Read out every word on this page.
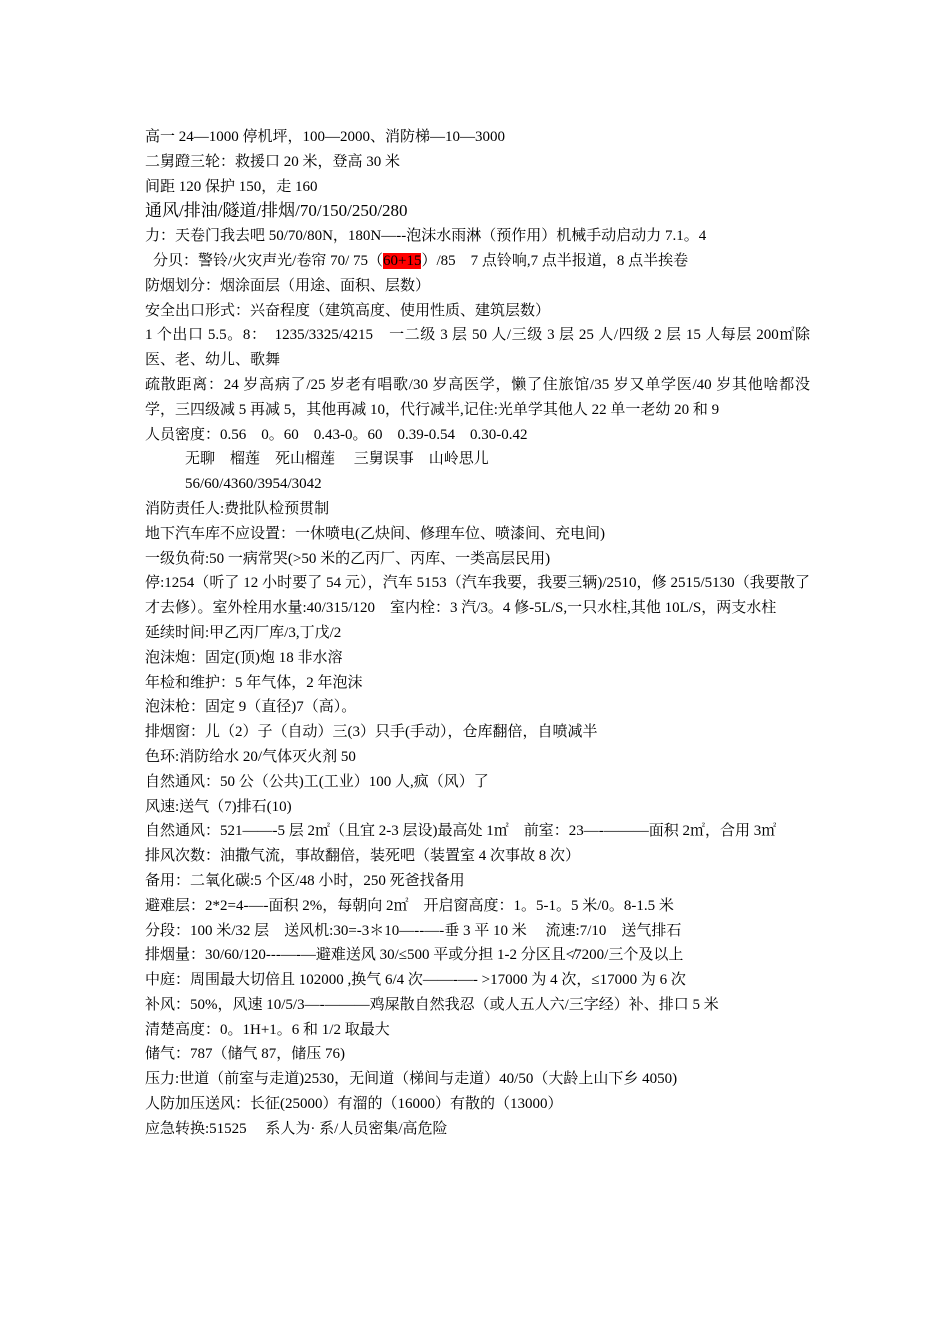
高一 24—1000 停机坪，100—2000、消防梯—10—3000
二舅蹬三轮：救援口 20 米，登高 30 米
间距 120 保护 150，走 160
通风/排油/隧道/排烟/70/150/250/280
力：天卷门我去吧 50/70/80N，180N—--泡沫水雨淋（预作用）机械手动启动力 7.1。4
分贝：警铃/火灾声光/卷帘 70/ 75（60+15）/85　7 点铃响,7 点半报道，8 点半挨卷
防烟划分：烟涂面层（用途、面积、层数）
安全出口形式：兴奋程度（建筑高度、使用性质、建筑层数）
1 个出口 5.5。8：　1235/3325/4215　一二级 3 层 50 人/三级 3 层 25 人/四级 2 层 15 人每层 200㎡除医、老、幼儿、歌舞
疏散距离：24 岁高病了/25 岁老有唱歌/30 岁高医学，懒了住旅馆/35 岁又单学医/40 岁其他啥都没学，三四级减 5 再减 5，其他再减 10，代行减半,记住:光单学其他人 22 单一老幼 20 和 9
人员密度：0.56　0。60　0.43-0。60　0.39-0.54　0.30-0.42
无聊　榴莲　死山榴莲　 三舅误事　山岭思儿
56/60/4360/3954/3042
消防责任人:费批队检预贯制
地下汽车库不应设置：一休喷电(乙炔间、修理车位、喷漆间、充电间)
一级负荷:50 一病常哭(>50 米的乙丙厂、丙库、一类高层民用)
停:1254（听了 12 小时要了 54 元），汽车 5153（汽车我要，我要三辆)/2510，修 2515/5130（我要散了才去修）。室外栓用水量:40/315/120　室内栓：3 汽/3。4 修-5L/S,一只水柱,其他 10L/S，两支水柱
延续时间:甲乙丙厂库/3,丁戊/2
泡沫炮：固定(顶)炮 18 非水溶
年检和维护：5 年气体，2 年泡沫
泡沫枪：固定 9（直径)7（高）。
排烟窗：儿（2）子（自动）三(3）只手(手动），仓库翻倍，自喷减半
色环:消防给水 20/气体灭火剂 50
自然通风：50 公（公共)工(工业）100 人,疯（风）了
风速:送气（7)排石(10)
自然通风：521——-5 层 2㎡（且宜 2-3 层设)最高处 1㎡　前室：23—-———面积 2㎡，合用 3㎡
排风次数：油撒气流，事故翻倍，装死吧（装置室 4 次事故 8 次）
备用：二氧化碳:5 个区/48 小时，250 死爸找备用
避难层：2*2=4-—-面积 2%，每朝向 2㎡　开启窗高度：1。5-1。5 米/0。8-1.5 米
分段：100 米/32 层　送风机:30=-3＊10—--—-垂 3 平 10 米　 流速:7/10　送气排石
排烟量：30/60/120---—-—避难送风 30/≤500 平或分担 1-2 分区且≮7200/三个及以上
中庭：周围最大切倍且 102000 ,换气 6/4 次——-—- >17000 为 4 次，≤17000 为 6 次
补风：50%，风速 10/5/3—-———鸡屎散自然我忍（或人五人六/三字经）补、排口 5 米
清楚高度：0。1H+1。6 和 1/2 取最大
储气：787（储气 87，储压 76)
压力:世道（前室与走道)2530，无间道（梯间与走道）40/50（大龄上山下乡 4050)
人防加压送风：长征(25000）有溜的（16000）有散的（13000）
应急转换:51525　 系人为· 系/人员密集/高危险
